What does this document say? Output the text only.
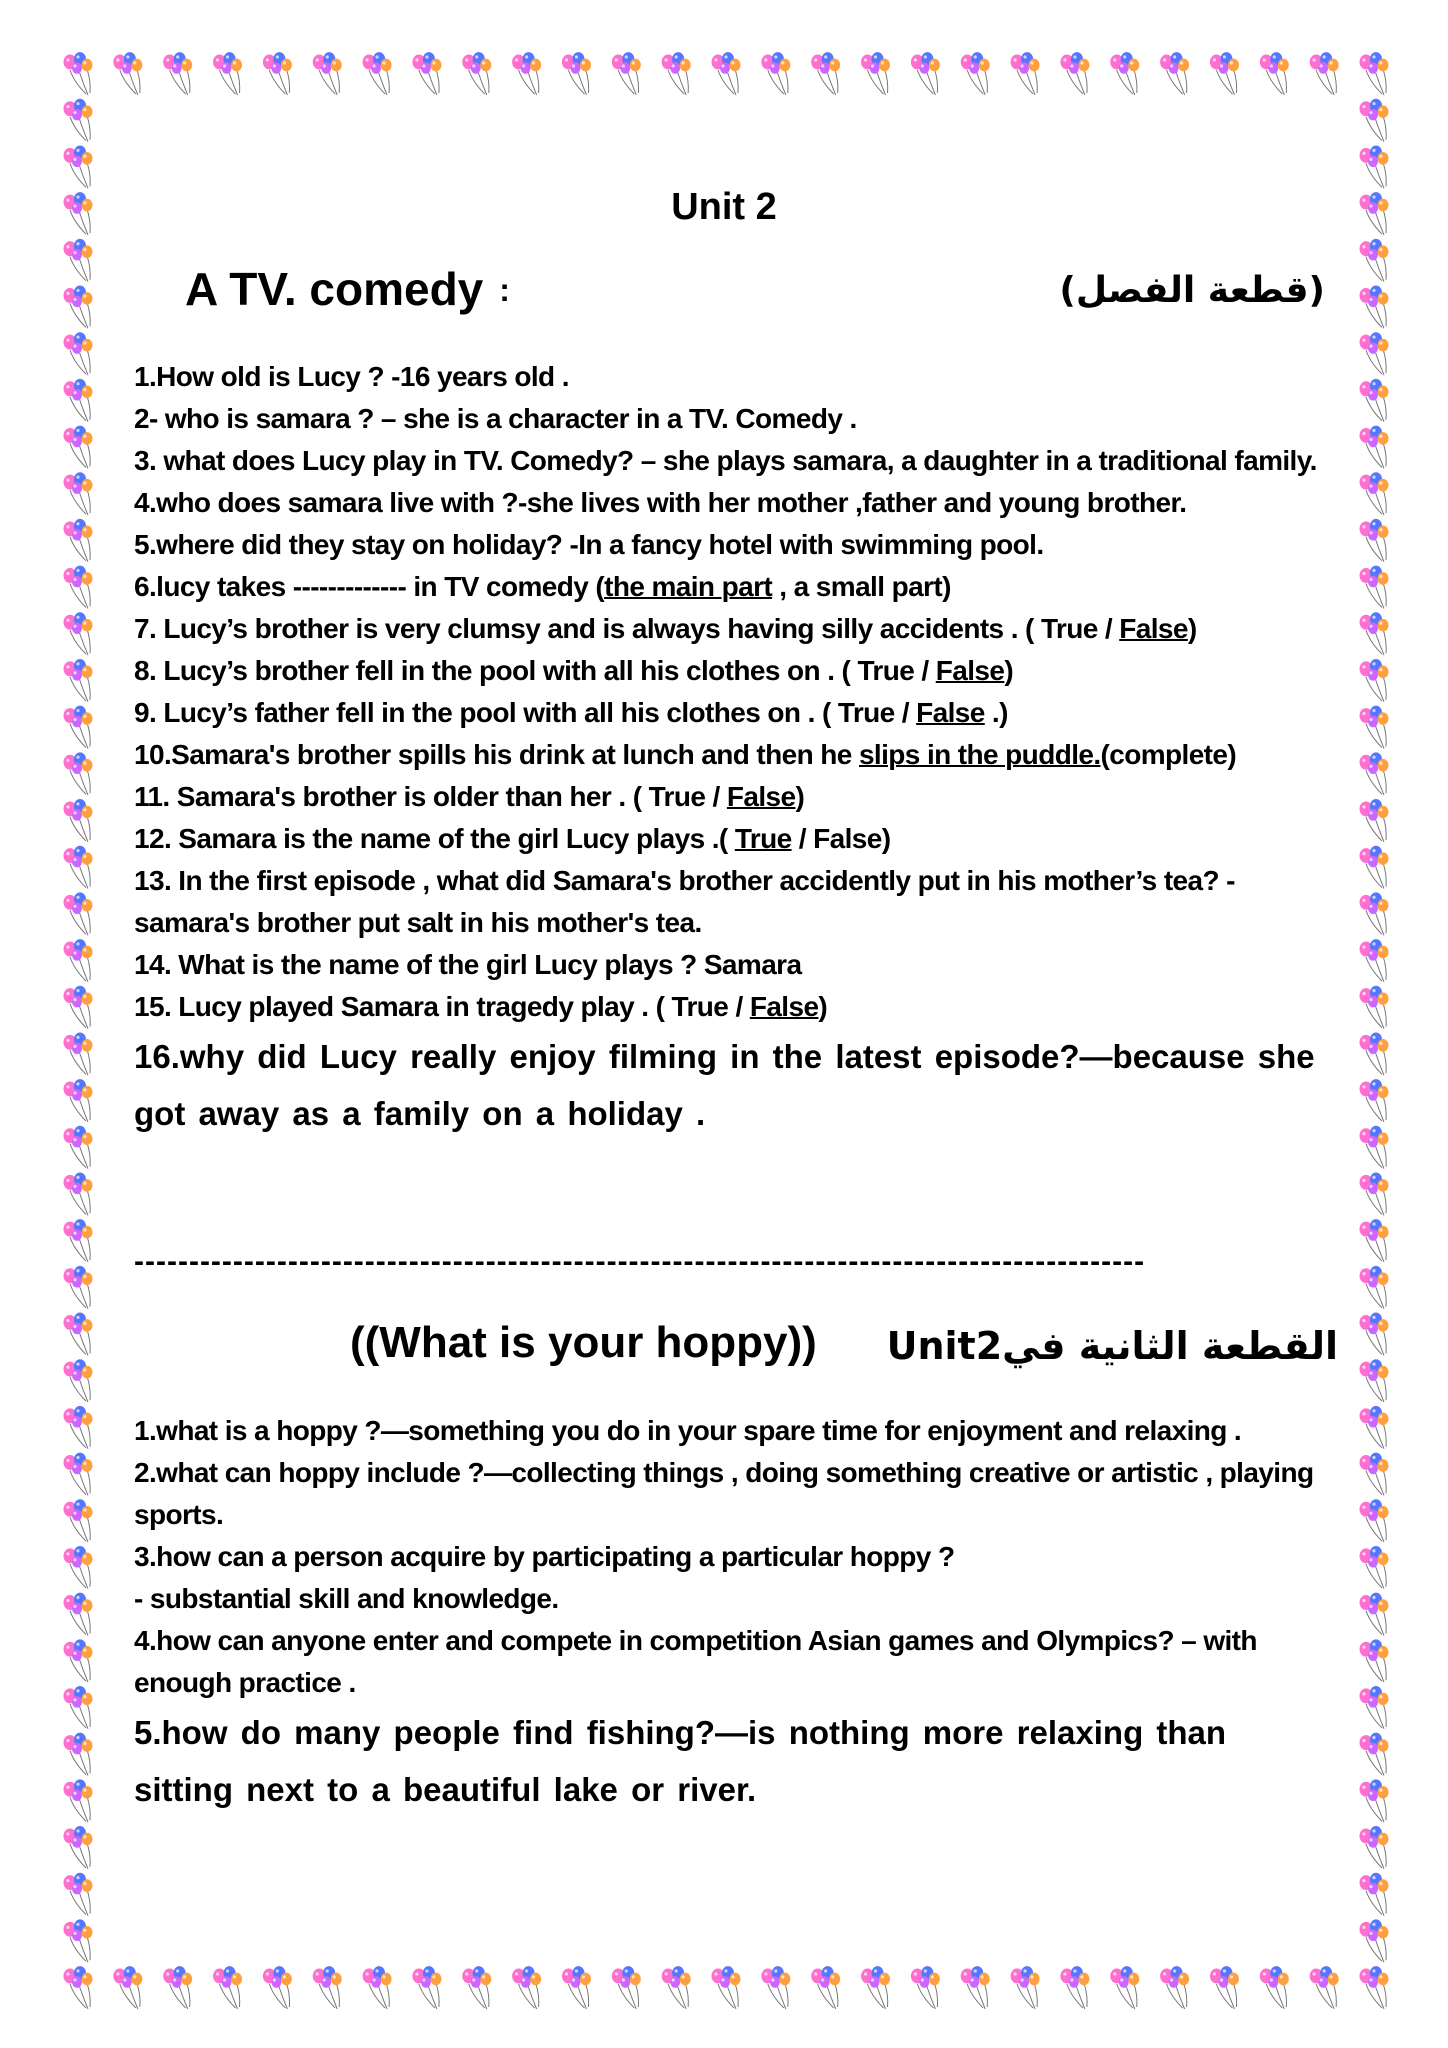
Unit 2
A TV. comedy :	(قطعة الفصل)
1.How old is Lucy ? -16 years old .
2- who is samara ? – she is a character in a TV. Comedy .
3. what does Lucy play in TV. Comedy? – she plays samara, a daughter in a traditional family.
4.who does samara live with ?-she lives with her mother ,father and young brother.
5.where did they stay on holiday? -In a fancy hotel with swimming pool.
6.lucy takes ------------- in TV comedy (the main part , a small part)
7. Lucy’s brother is very clumsy and is always having silly accidents . ( True / False)
8. Lucy’s brother fell in the pool with all his clothes on . ( True / False)
9. Lucy’s father fell in the pool with all his clothes on . ( True / False .)
10.Samara's brother spills his drink at lunch and then he slips in the puddle.(complete)
11. Samara's brother is older than her . ( True / False)
12. Samara is the name of the girl Lucy plays .( True / False)
13. In the first episode , what did Samara's brother accidently put in his mother’s tea? - samara's brother put salt in his mother's tea.
14. What is the name of the girl Lucy plays ? Samara
15. Lucy played Samara in tragedy play . ( True / False)
16.why did Lucy really enjoy filming in the latest episode?—because she got away as a family on a holiday .
--------------------------------------------------------------------------------------------
((What is your hoppy)) القطعة الثانية فيUnit2
1.what is a hoppy ?—something you do in your spare time for enjoyment and relaxing .
2.what can hoppy include ?—collecting things , doing something creative or artistic , playing sports.
3.how can a person acquire by participating a particular hoppy ?
- substantial skill and knowledge.
4.how can anyone enter and compete in competition Asian games and Olympics? – with enough practice .
5.how do many people find fishing?—is nothing more relaxing than sitting next to a beautiful lake or river.
